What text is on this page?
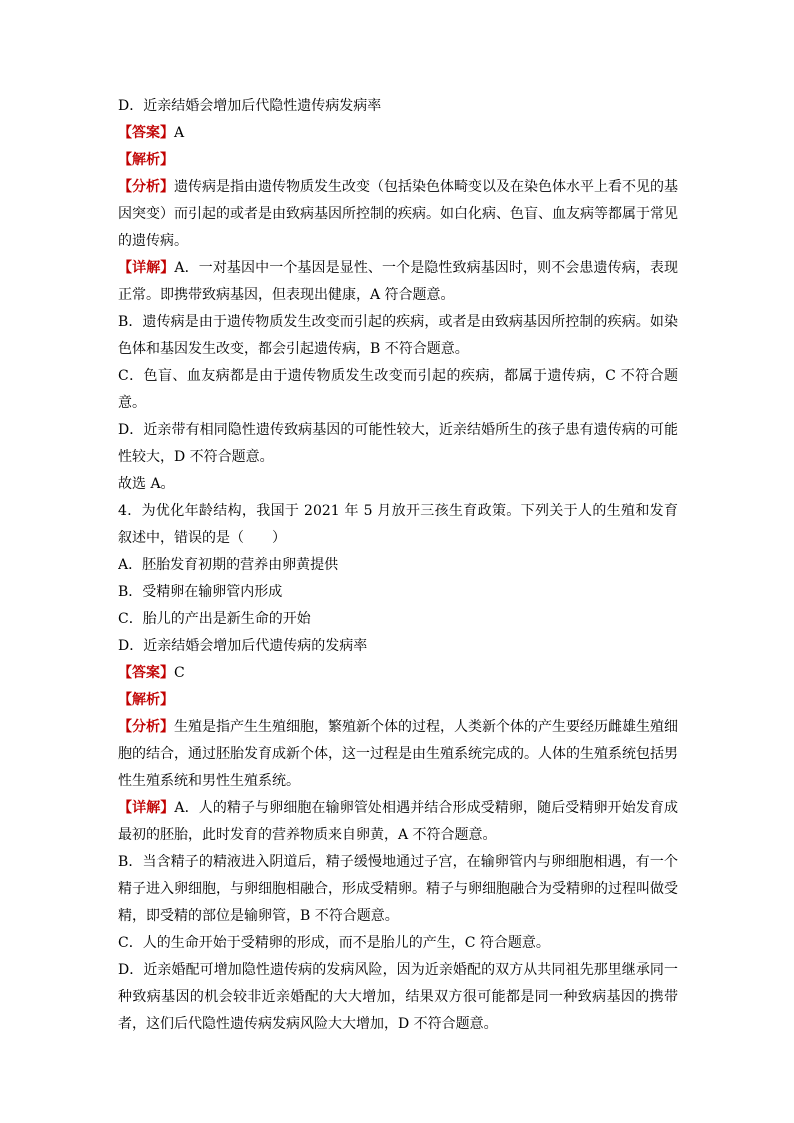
D．近亲结婚会增加后代隐性遗传病发病率
【答案】A
【解析】
【分析】遗传病是指由遗传物质发生改变（包括染色体畸变以及在染色体水平上看不见的基因突变）而引起的或者是由致病基因所控制的疾病。如白化病、色盲、血友病等都属于常见的遗传病。
【详解】A．一对基因中一个基因是显性、一个是隐性致病基因时，则不会患遗传病，表现正常。即携带致病基因，但表现出健康，A 符合题意。
B．遗传病是由于遗传物质发生改变而引起的疾病，或者是由致病基因所控制的疾病。如染色体和基因发生改变，都会引起遗传病，B 不符合题意。
C．色盲、血友病都是由于遗传物质发生改变而引起的疾病，都属于遗传病，C 不符合题意。
D．近亲带有相同隐性遗传致病基因的可能性较大，近亲结婚所生的孩子患有遗传病的可能性较大，D 不符合题意。
故选 A。
4．为优化年龄结构，我国于 2021 年 5 月放开三孩生育政策。下列关于人的生殖和发育叙述中，错误的是（　　）
A．胚胎发育初期的营养由卵黄提供
B．受精卵在输卵管内形成
C．胎儿的产出是新生命的开始
D．近亲结婚会增加后代遗传病的发病率
【答案】C
【解析】
【分析】生殖是指产生生殖细胞，繁殖新个体的过程，人类新个体的产生要经历雌雄生殖细胞的结合，通过胚胎发育成新个体，这一过程是由生殖系统完成的。人体的生殖系统包括男性生殖系统和男性生殖系统。
【详解】A．人的精子与卵细胞在输卵管处相遇并结合形成受精卵，随后受精卵开始发育成最初的胚胎，此时发育的营养物质来自卵黄，A 不符合题意。
B．当含精子的精液进入阴道后，精子缓慢地通过子宫，在输卵管内与卵细胞相遇，有一个精子进入卵细胞，与卵细胞相融合，形成受精卵。精子与卵细胞融合为受精卵的过程叫做受精，即受精的部位是输卵管，B 不符合题意。
C．人的生命开始于受精卵的形成，而不是胎儿的产生，C 符合题意。
D．近亲婚配可增加隐性遗传病的发病风险，因为近亲婚配的双方从共同祖先那里继承同一种致病基因的机会较非近亲婚配的大大增加，结果双方很可能都是同一种致病基因的携带者，这们后代隐性遗传病发病风险大大增加，D 不符合题意。
